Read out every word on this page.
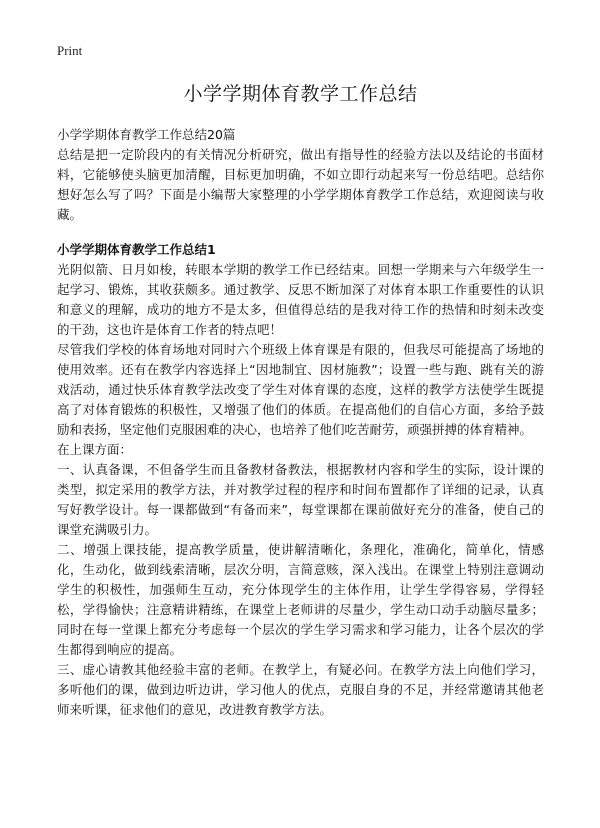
Print
小学学期体育教学工作总结
小学学期体育教学工作总结20篇

总结是把一定阶段内的有关情况分析研究，做出有指导性的经验方法以及结论的书面材料，它能够使头脑更加清醒，目标更加明确，不如立即行动起来写一份总结吧。总结你想好怎么写了吗？下面是小编帮大家整理的小学学期体育教学工作总结，欢迎阅读与收藏。

小学学期体育教学工作总结1

光阴似箭、日月如梭，转眼本学期的教学工作已经结束。回想一学期来与六年级学生一起学习、锻炼，其收获颇多。通过教学、反思不断加深了对体育本职工作重要性的认识和意义的理解，成功的地方不是太多，但值得总结的是我对待工作的热情和时刻未改变的干劲，这也许是体育工作者的特点吧！

尽管我们学校的体育场地对同时六个班级上体育课是有限的，但我尽可能提高了场地的使用效率。还有在教学内容选择上“因地制宜、因材施教”；设置一些与跑、跳有关的游戏活动，通过快乐体育教学法改变了学生对体育课的态度，这样的教学方法使学生既提高了对体育锻炼的积极性，又增强了他们的体质。在提高他们的自信心方面，多给予鼓励和表扬，坚定他们克服困难的决心，也培养了他们吃苦耐劳，顽强拼搏的体育精神。

在上课方面：

一、认真备课，不但备学生而且备教材备教法，根据教材内容和学生的实际，设计课的类型，拟定采用的教学方法，并对教学过程的程序和时间布置都作了详细的记录，认真写好教学设计。每一课都做到“有备而来”，每堂课都在课前做好充分的准备，使自己的课堂充满吸引力。

二、增强上课技能，提高教学质量，使讲解清晰化，条理化，准确化，简单化，情感化，生动化，做到线索清晰，层次分明，言简意赅，深入浅出。在课堂上特别注意调动学生的积极性，加强师生互动，充分体现学生的主体作用，让学生学得容易，学得轻松，学得愉快；注意精讲精练，在课堂上老师讲的尽量少，学生动口动手动脑尽量多；同时在每一堂课上都充分考虑每一个层次的学生学习需求和学习能力，让各个层次的学生都得到响应的提高。

三、虚心请教其他经验丰富的老师。在教学上，有疑必问。在教学方法上向他们学习，多听他们的课，做到边听边讲，学习他人的优点，克服自身的不足，并经常邀请其他老师来听课，征求他们的意见，改进教育教学方法。
